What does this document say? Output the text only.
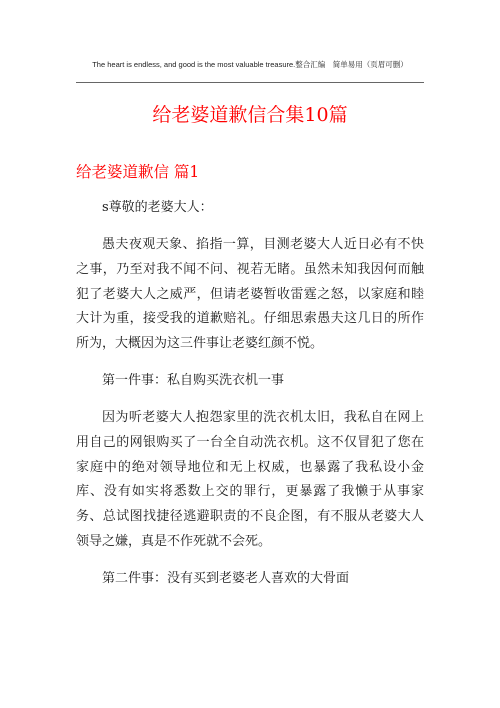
The heart is endless, and good is the most valuable treasure.整合汇编　简单易用（页眉可删）
给老婆道歉信合集10篇
给老婆道歉信 篇1

s尊敬的老婆大人：

愚夫夜观天象、掐指一算，目测老婆大人近日必有不快之事，乃至对我不闻不问、视若无睹。虽然未知我因何而触犯了老婆大人之威严，但请老婆暂收雷霆之怒，以家庭和睦大计为重，接受我的道歉赔礼。仔细思索愚夫这几日的所作所为，大概因为这三件事让老婆红颜不悦。

第一件事：私自购买洗衣机一事

因为听老婆大人抱怨家里的洗衣机太旧，我私自在网上用自己的网银购买了一台全自动洗衣机。这不仅冒犯了您在家庭中的绝对领导地位和无上权威，也暴露了我私设小金库、没有如实将悉数上交的罪行，更暴露了我懒于从事家务、总试图找捷径逃避职责的不良企图，有不服从老婆大人领导之嫌，真是不作死就不会死。

第二件事：没有买到老婆老人喜欢的大骨面
